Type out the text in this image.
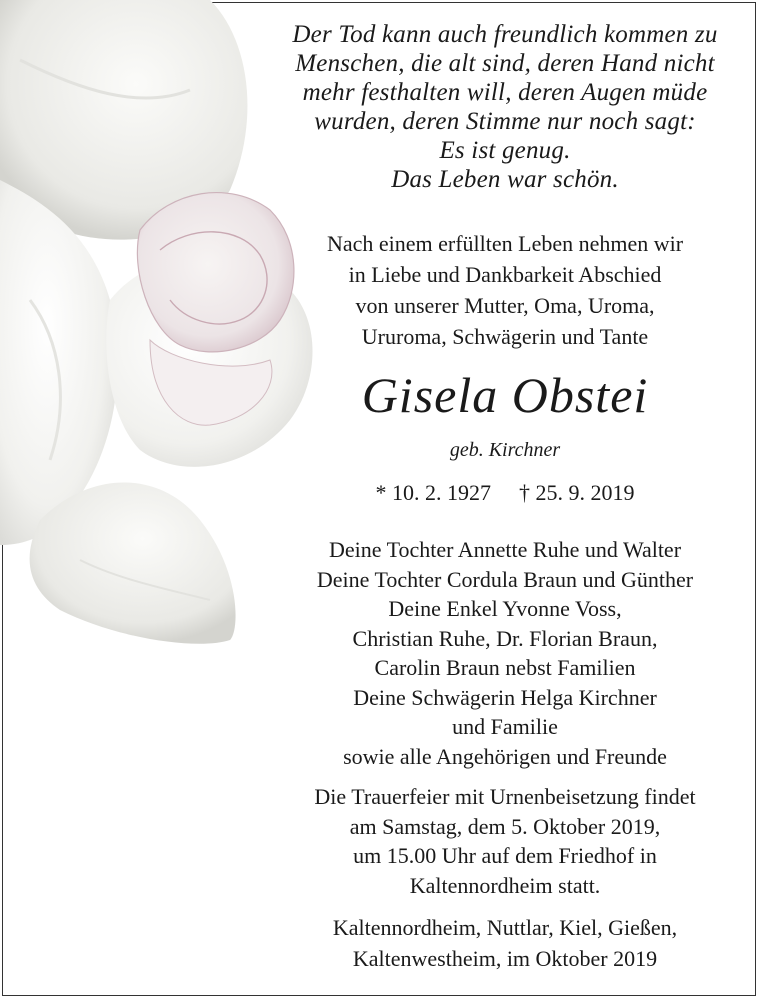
Der Tod kann auch freundlich kommen zu
Menschen, die alt sind, deren Hand nicht
mehr festhalten will, deren Augen müde
wurden, deren Stimme nur noch sagt:
Es ist genug.
Das Leben war schön.
Nach einem erfüllten Leben nehmen wir
in Liebe und Dankbarkeit Abschied
von unserer Mutter, Oma, Uroma,
Ururoma, Schwägerin und Tante
Gisela Obstei
geb. Kirchner
* 10. 2. 1927 † 25. 9. 2019
Deine Tochter Annette Ruhe und Walter
Deine Tochter Cordula Braun und Günther
Deine Enkel Yvonne Voss,
Christian Ruhe, Dr. Florian Braun,
Carolin Braun nebst Familien
Deine Schwägerin Helga Kirchner
und Familie
sowie alle Angehörigen und Freunde
Die Trauerfeier mit Urnenbeisetzung findet
am Samstag, dem 5. Oktober 2019,
um 15.00 Uhr auf dem Friedhof in
Kaltennordheim statt.
Kaltennordheim, Nuttlar, Kiel, Gießen,
Kaltenwestheim, im Oktober 2019
